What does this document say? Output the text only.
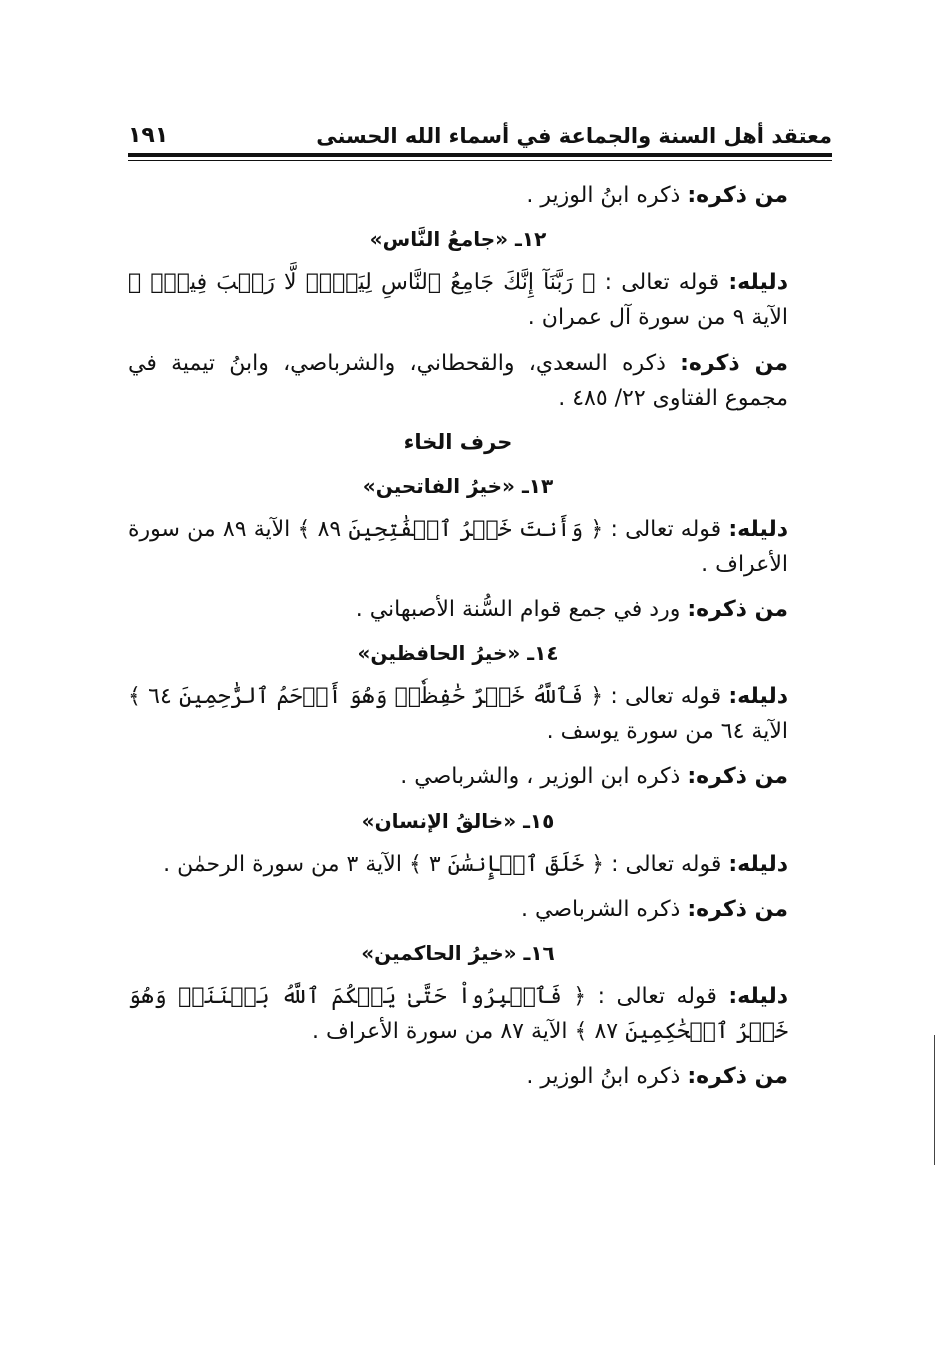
معتقد أهل السنة والجماعة في أسماء الله الحسنى
١٩١

من ذكره: ذكره ابنُ الوزير .

١٢ـ «جامعُ النَّاس»

دليله: قوله تعالى : ﴿ رَبَّنَآ إِنَّكَ جَامِعُ ٱلنَّاسِ لِيَوۡمٖ لَّا رَيۡبَ فِيهِۚ ﴾ الآية ٩ من سورة آل عمران .

من ذكره: ذكره السعدي، والقحطاني، والشرباصي، وابنُ تيمية في مجموع الفتاوى ٢٢/ ٤٨٥ .

حرف الخاء
١٣ـ «خيرُ الفاتحين»

دليله: قوله تعالى : ﴿ وَأَنتَ خَيۡرُ ٱلۡفَٰتِحِينَ ٨٩ ﴾ الآية ٨٩ من سورة الأعراف .

من ذكره: ورد في جمع قوام السُّنة الأصبهاني .

١٤ـ «خيرُ الحافظين»

دليله: قوله تعالى : ﴿ فَٱللَّهُ خَيۡرٌ حَٰفِظٗاۖ وَهُوَ أَرۡحَمُ ٱلرَّٰحِمِينَ ٦٤ ﴾ الآية ٦٤ من سورة يوسف .

من ذكره: ذكره ابن الوزير ، والشرباصي .

١٥ـ «خالقُ الإنسان»

دليله: قوله تعالى : ﴿ خَلَقَ ٱلۡإِنسَٰنَ ٣ ﴾ الآية ٣ من سورة الرحمٰن .

من ذكره: ذكره الشرباصي .

١٦ـ «خيرُ الحاكمين»

دليله: قوله تعالى : ﴿ فَٱصۡبِرُواْ حَتَّىٰ يَحۡكُمَ ٱللَّهُ بَيۡنَنَاۚ وَهُوَ خَيۡرُ ٱلۡحَٰكِمِينَ ٨٧ ﴾ الآية ٨٧ من سورة الأعراف .

من ذكره: ذكره ابنُ الوزير .
